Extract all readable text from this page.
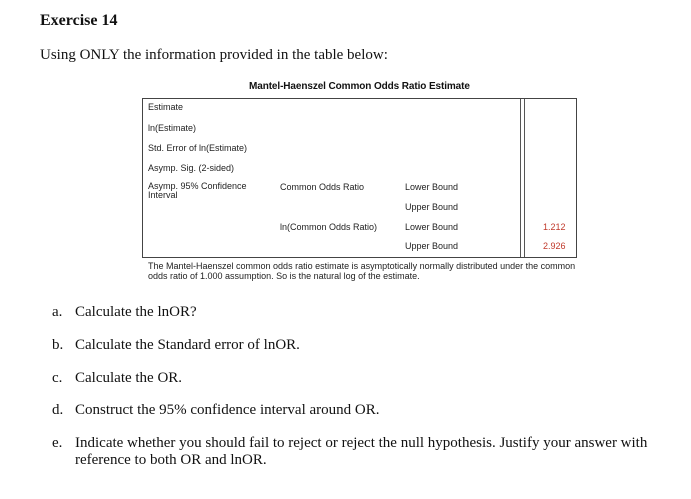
Exercise 14
Using ONLY the information provided in the table below:
Mantel-Haenszel Common Odds Ratio Estimate
Estimate
ln(Estimate)
Std. Error of ln(Estimate)
Asymp. Sig. (2-sided)
Asymp. 95% Confidence Interval
Common Odds Ratio	Lower Bound
Upper Bound
ln(Common Odds Ratio)	Lower Bound
Upper Bound
1.212
2.926
The Mantel-Haenszel common odds ratio estimate is asymptotically normally distributed under the common odds ratio of 1.000 assumption. So is the natural log of the estimate.
a. Calculate the lnOR?
b. Calculate the Standard error of lnOR.
c. Calculate the OR.
d. Construct the 95% confidence interval around OR.
e. Indicate whether you should fail to reject or reject the null hypothesis. Justify your answer with reference to both OR and lnOR.
